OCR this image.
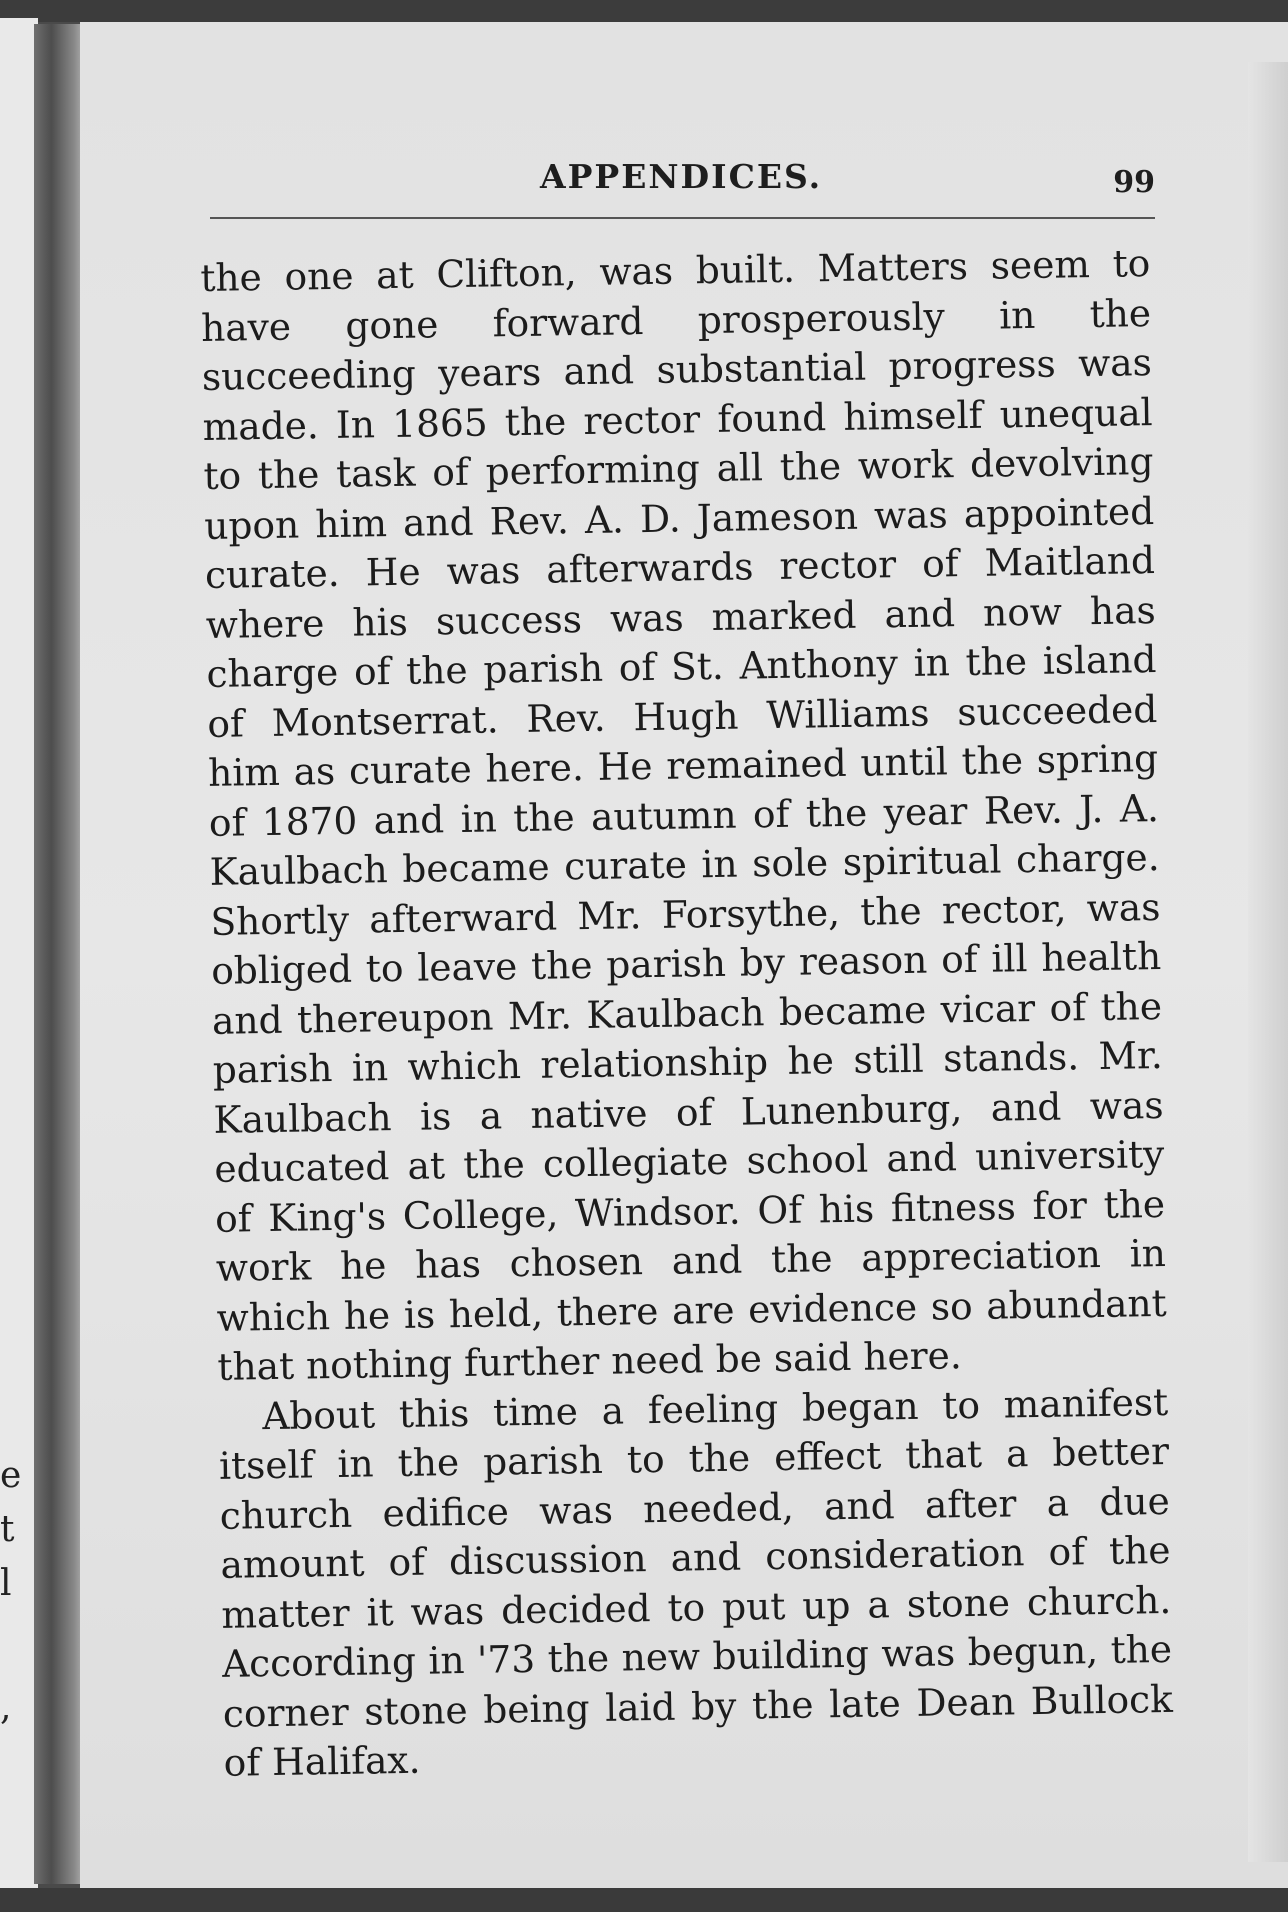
e
t
l
,
APPENDICES.	99

the one at Clifton, was built. Matters seem to have gone forward prosperously in the succeeding years and substantial progress was made. In 1865 the rector found himself unequal to the task of performing all the work devolving upon him and Rev. A. D. Jameson was appointed curate. He was afterwards rector of Maitland where his success was marked and now has charge of the parish of St. Anthony in the island of Montserrat. Rev. Hugh Williams succeeded him as curate here. He remained until the spring of 1870 and in the autumn of the year Rev. J. A. Kaulbach became curate in sole spiritual charge. Shortly afterward Mr. Forsythe, the rector, was obliged to leave the parish by reason of ill health and thereupon Mr. Kaulbach became vicar of the parish in which relationship he still stands. Mr. Kaulbach is a native of Lunenburg, and was educated at the collegiate school and university of King's College, Windsor. Of his fitness for the work he has chosen and the appreciation in which he is held, there are evidence so abundant that nothing further need be said here.

About this time a feeling began to manifest itself in the parish to the effect that a better church edifice was needed, and after a due amount of discussion and consideration of the matter it was decided to put up a stone church. According in '73 the new building was begun, the corner stone being laid by the late Dean Bullock of Halifax.
